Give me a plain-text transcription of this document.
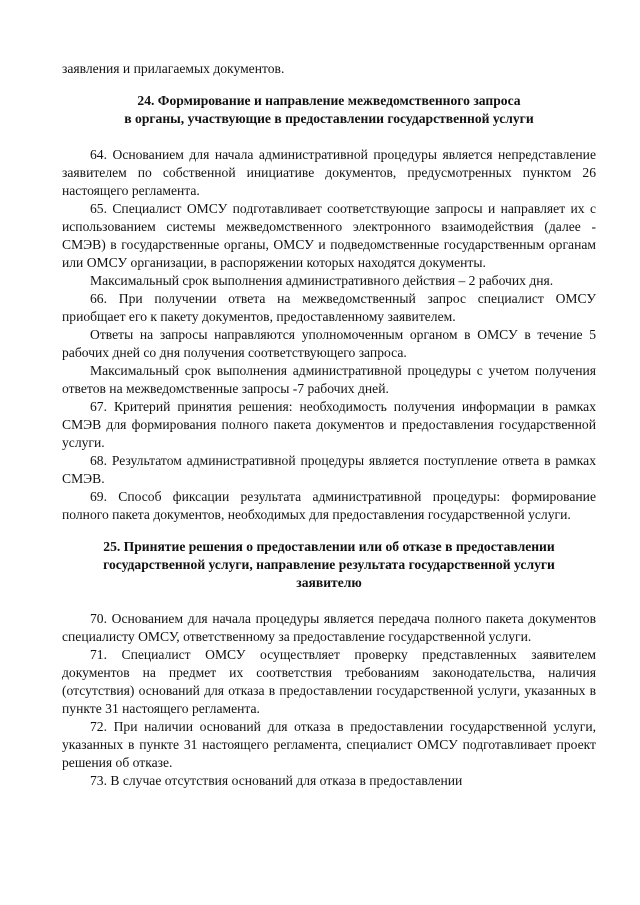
заявления и прилагаемых документов.

24. Формирование и направление межведомственного запроса
в органы, участвующие в предоставлении государственной услуги

64. Основанием для начала административной процедуры является непредставление заявителем по собственной инициативе документов, предусмотренных пунктом 26 настоящего регламента.

65. Специалист ОМСУ подготавливает соответствующие запросы и направляет их с использованием системы межведомственного электронного взаимодействия (далее - СМЭВ) в государственные органы, ОМСУ и подведомственные государственным органам или ОМСУ организации, в распоряжении которых находятся документы.

Максимальный срок выполнения административного действия – 2 рабочих дня.

66. При получении ответа на межведомственный запрос специалист ОМСУ приобщает его к пакету документов, предоставленному заявителем.

Ответы на запросы направляются уполномоченным органом в ОМСУ в течение 5 рабочих дней со дня получения соответствующего запроса.

Максимальный срок выполнения административной процедуры с учетом получения ответов на межведомственные запросы -7 рабочих дней.

67. Критерий принятия решения: необходимость получения информации в рамках СМЭВ для формирования полного пакета документов и предоставления государственной услуги.

68. Результатом административной процедуры является поступление ответа в рамках СМЭВ.

69. Способ фиксации результата административной процедуры: формирование полного пакета документов, необходимых для предоставления государственной услуги.

25. Принятие решения о предоставлении или об отказе в предоставлении
государственной услуги, направление результата государственной услуги
заявителю

70. Основанием для начала процедуры является передача полного пакета документов специалисту ОМСУ, ответственному за предоставление государственной услуги.

71. Специалист ОМСУ осуществляет проверку представленных заявителем документов на предмет их соответствия требованиям законодательства, наличия (отсутствия) оснований для отказа в предоставлении государственной услуги, указанных в пункте 31 настоящего регламента.

72. При наличии оснований для отказа в предоставлении государственной услуги, указанных в пункте 31 настоящего регламента, специалист ОМСУ подготавливает проект решения об отказе.

73. В случае отсутствия оснований для отказа в предоставлении
